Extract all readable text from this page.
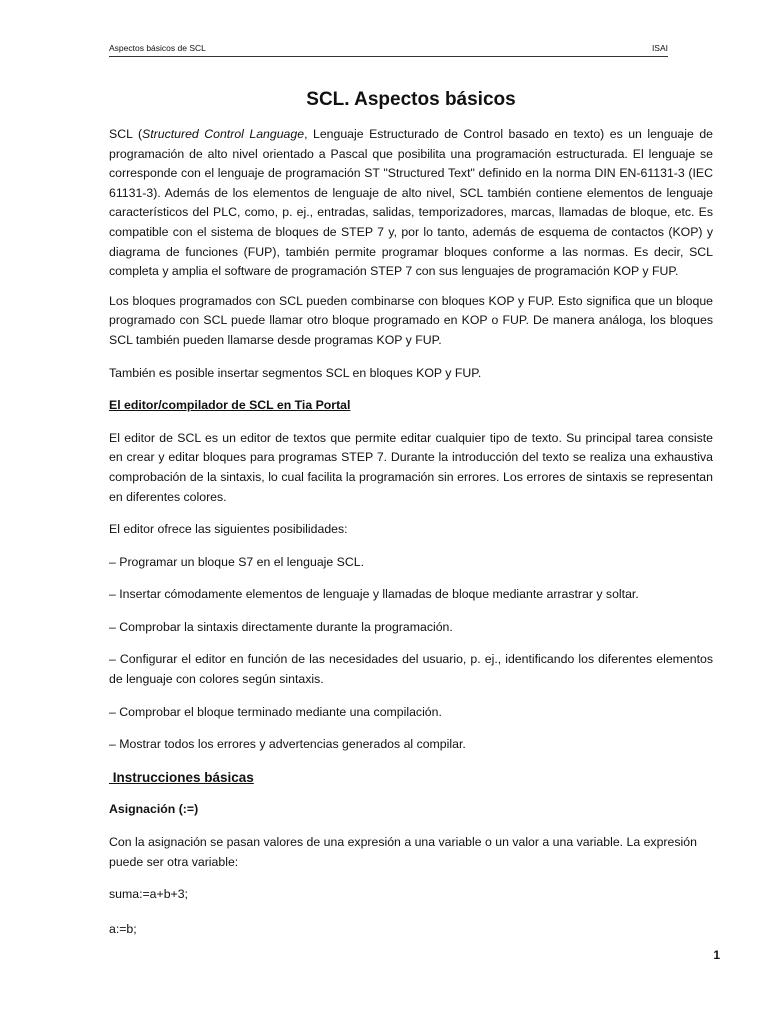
Aspectos básicos de SCL	ISAI
SCL. Aspectos básicos

SCL (Structured Control Language, Lenguaje Estructurado de Control basado en texto) es un lenguaje de programación de alto nivel orientado a Pascal que posibilita una programación estructurada. El lenguaje se corresponde con el lenguaje de programación ST "Structured Text" definido en la norma DIN EN-61131-3 (IEC 61131-3). Además de los elementos de lenguaje de alto nivel, SCL también contiene elementos de lenguaje característicos del PLC, como, p. ej., entradas, salidas, temporizadores, marcas, llamadas de bloque, etc. Es compatible con el sistema de bloques de STEP 7 y, por lo tanto, además de esquema de contactos (KOP) y diagrama de funciones (FUP), también permite programar bloques conforme a las normas. Es decir, SCL completa y amplia el software de programación STEP 7 con sus lenguajes de programación KOP y FUP.

Los bloques programados con SCL pueden combinarse con bloques KOP y FUP. Esto significa que un bloque programado con SCL puede llamar otro bloque programado en KOP o FUP. De manera análoga, los bloques SCL también pueden llamarse desde programas KOP y FUP.

También es posible insertar segmentos SCL en bloques KOP y FUP.

El editor/compilador de SCL en Tia Portal

El editor de SCL es un editor de textos que permite editar cualquier tipo de texto. Su principal tarea consiste en crear y editar bloques para programas STEP 7. Durante la introducción del texto se realiza una exhaustiva comprobación de la sintaxis, lo cual facilita la programación sin errores. Los errores de sintaxis se representan en diferentes colores.

El editor ofrece las siguientes posibilidades:

– Programar un bloque S7 en el lenguaje SCL.
– Insertar cómodamente elementos de lenguaje y llamadas de bloque mediante arrastrar y soltar.
– Comprobar la sintaxis directamente durante la programación.
– Configurar el editor en función de las necesidades del usuario, p. ej., identificando los diferentes elementos de lenguaje con colores según sintaxis.
– Comprobar el bloque terminado mediante una compilación.
– Mostrar todos los errores y advertencias generados al compilar.
Instrucciones básicas
Asignación (:=)

Con la asignación se pasan valores de una expresión a una variable o un valor a una variable. La expresión puede ser otra variable:

suma:=a+b+3;
a:=b;
1
